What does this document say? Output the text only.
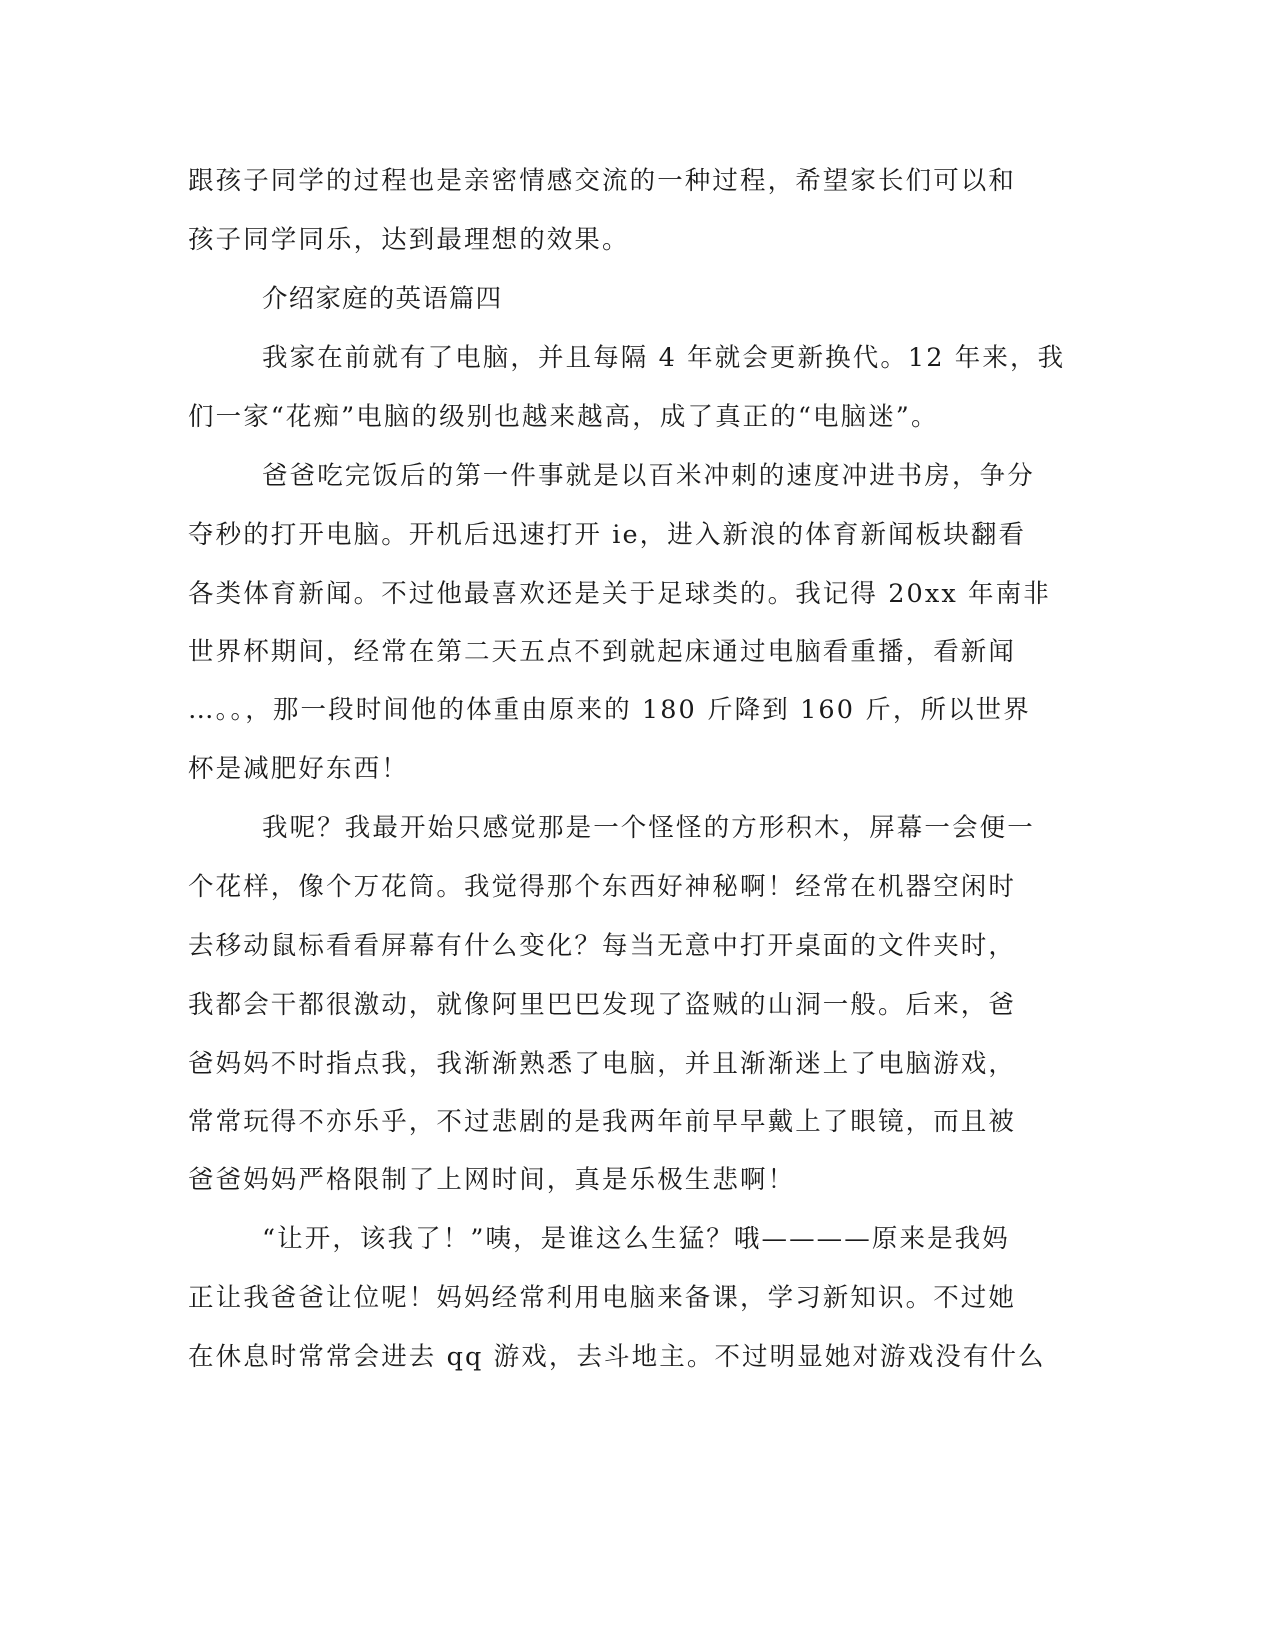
跟孩子同学的过程也是亲密情感交流的一种过程，希望家长们可以和
孩子同学同乐，达到最理想的效果。
介绍家庭的英语篇四
我家在前就有了电脑，并且每隔 4 年就会更新换代。12 年来，我
们一家“花痴”电脑的级别也越来越高，成了真正的“电脑迷”。
爸爸吃完饭后的第一件事就是以百米冲刺的速度冲进书房，争分
夺秒的打开电脑。开机后迅速打开 ie，进入新浪的体育新闻板块翻看
各类体育新闻。不过他最喜欢还是关于足球类的。我记得 20xx 年南非
世界杯期间，经常在第二天五点不到就起床通过电脑看重播，看新闻
…。。，那一段时间他的体重由原来的 180 斤降到 160 斤，所以世界
杯是减肥好东西！
我呢？我最开始只感觉那是一个怪怪的方形积木，屏幕一会便一
个花样，像个万花筒。我觉得那个东西好神秘啊！经常在机器空闲时
去移动鼠标看看屏幕有什么变化？每当无意中打开桌面的文件夹时，
我都会干都很激动，就像阿里巴巴发现了盗贼的山洞一般。后来，爸
爸妈妈不时指点我，我渐渐熟悉了电脑，并且渐渐迷上了电脑游戏，
常常玩得不亦乐乎，不过悲剧的是我两年前早早戴上了眼镜，而且被
爸爸妈妈严格限制了上网时间，真是乐极生悲啊！
“让开，该我了！”咦，是谁这么生猛？哦————原来是我妈
正让我爸爸让位呢！妈妈经常利用电脑来备课，学习新知识。不过她
在休息时常常会进去 qq 游戏，去斗地主。不过明显她对游戏没有什么
